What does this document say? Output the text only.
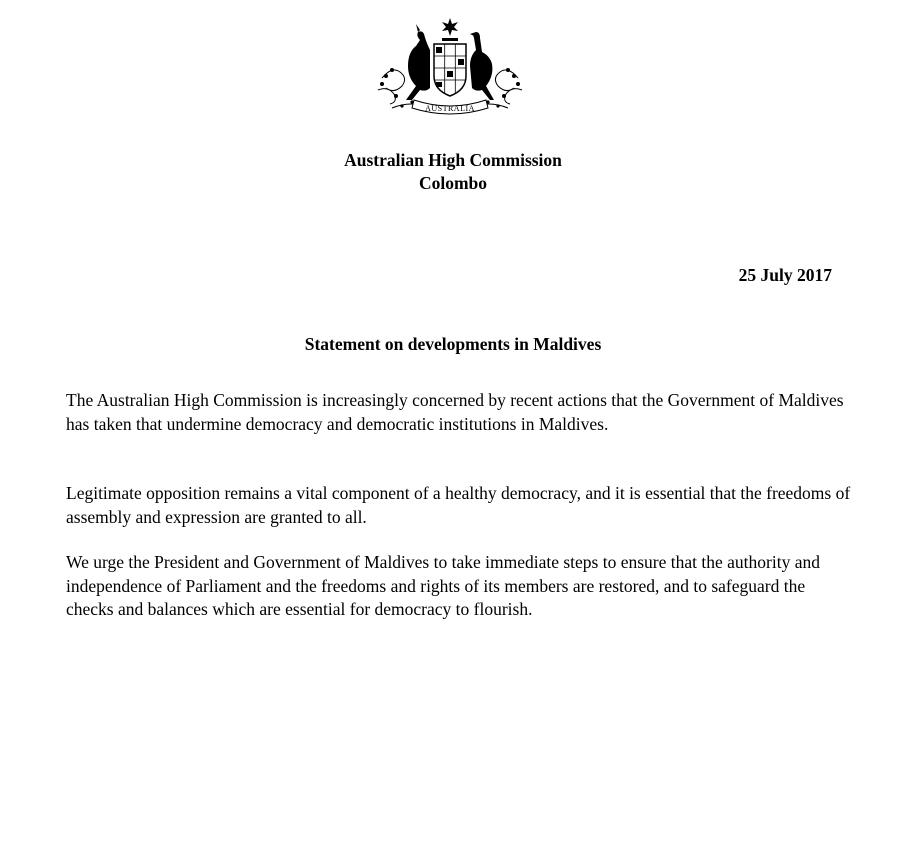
AUSTRALIA
Australian High Commission
Colombo
25 July 2017
Statement on developments in Maldives

The Australian High Commission is increasingly concerned by recent actions that the Government of Maldives has taken that undermine democracy and democratic institutions in Maldives.

Legitimate opposition remains a vital component of a healthy democracy, and it is essential that the freedoms of assembly and expression are granted to all.

We urge the President and Government of Maldives to take immediate steps to ensure that the authority and independence of Parliament and the freedoms and rights of its members are restored, and to safeguard the checks and balances which are essential for democracy to flourish.
